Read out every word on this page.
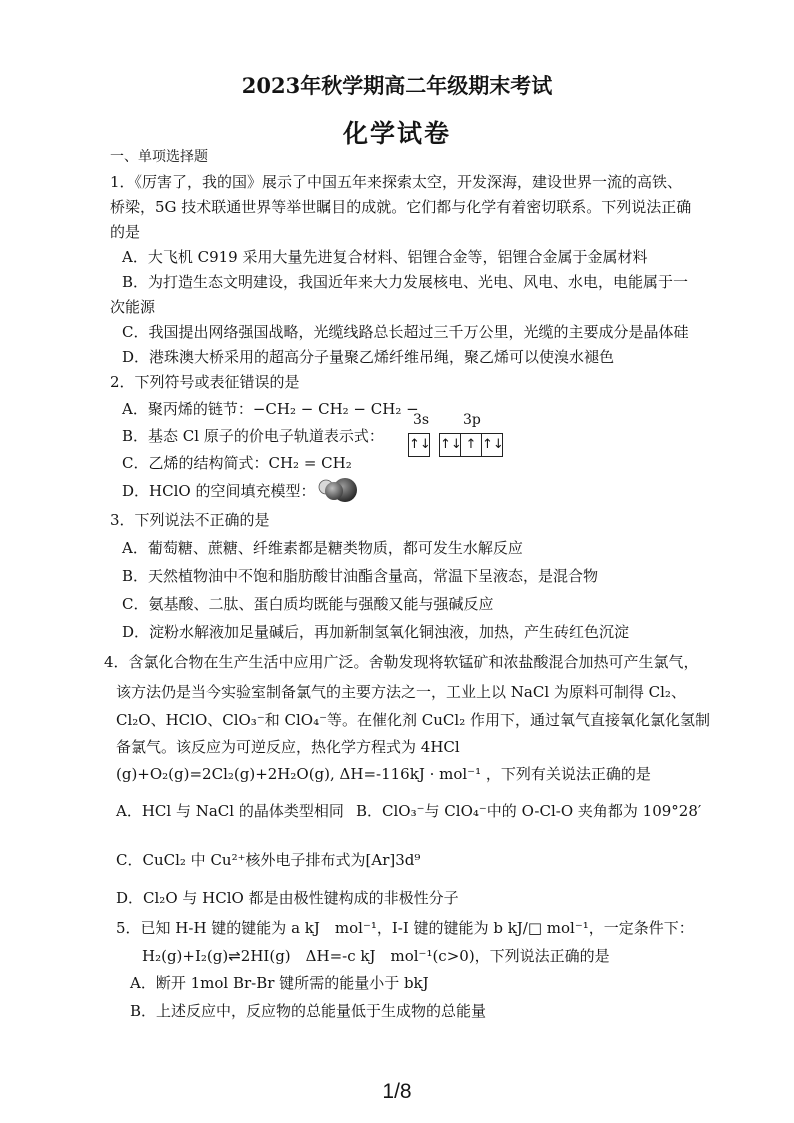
2023年秋学期高二年级期末考试
化学试卷
一、单项选择题
1．《厉害了，我的国》展示了中国五年来探索太空，开发深海，建设世界一流的高铁、
桥梁，5G 技术联通世界等举世瞩目的成就。它们都与化学有着密切联系。下列说法正确
的是
A．大飞机 C919 采用大量先进复合材料、铝锂合金等，铝锂合金属于金属材料
B．为打造生态文明建设，我国近年来大力发展核电、光电、风电、水电，电能属于一
次能源
C．我国提出网络强国战略，光缆线路总长超过三千万公里，光缆的主要成分是晶体硅
D．港珠澳大桥采用的超高分子量聚乙烯纤维吊绳，聚乙烯可以使溴水褪色
2．下列符号或表征错误的是
A．聚丙烯的链节：−CH₂ − CH₂ − CH₂ −
B．基态 Cl 原子的价电子轨道表示式：
3s 3p
↑↓ ↑↓ ↑ ↑↓
C．乙烯的结构简式：CH₂ = CH₂
D．HClO 的空间填充模型：
3．下列说法不正确的是
A．葡萄糖、蔗糖、纤维素都是糖类物质，都可发生水解反应
B．天然植物油中不饱和脂肪酸甘油酯含量高，常温下呈液态，是混合物
C．氨基酸、二肽、蛋白质均既能与强酸又能与强碱反应
D．淀粉水解液加足量碱后，再加新制氢氧化铜浊液，加热，产生砖红色沉淀
4．含氯化合物在生产生活中应用广泛。舍勒发现将软锰矿和浓盐酸混合加热可产生氯气，
该方法仍是当今实验室制备氯气的主要方法之一，工业上以 NaCl 为原料可制得 Cl₂、
Cl₂O、HClO、ClO₃⁻和 ClO₄⁻等。在催化剂 CuCl₂ 作用下，通过氧气直接氧化氯化氢制
备氯气。该反应为可逆反应，热化学方程式为 4HCl
(g)+O₂(g)=2Cl₂(g)+2H₂O(g), ΔH=-116kJ · mol⁻¹ ，下列有关说法正确的是
A．HCl 与 NaCl 的晶体类型相同 B．ClO₃⁻与 ClO₄⁻中的 O-Cl-O 夹角都为 109°28′
C．CuCl₂ 中 Cu²⁺核外电子排布式为[Ar]3d⁹
D．Cl₂O 与 HClO 都是由极性键构成的非极性分子
5．已知 H-H 键的键能为 a kJ　mol⁻¹，I-I 键的键能为 b kJ/□ mol⁻¹，一定条件下：
H₂(g)+I₂(g)⇌2HI(g)　ΔH=-c kJ　mol⁻¹(c>0)，下列说法正确的是
A．断开 1mol Br-Br 键所需的能量小于 bkJ
B．上述反应中，反应物的总能量低于生成物的总能量
1/8
